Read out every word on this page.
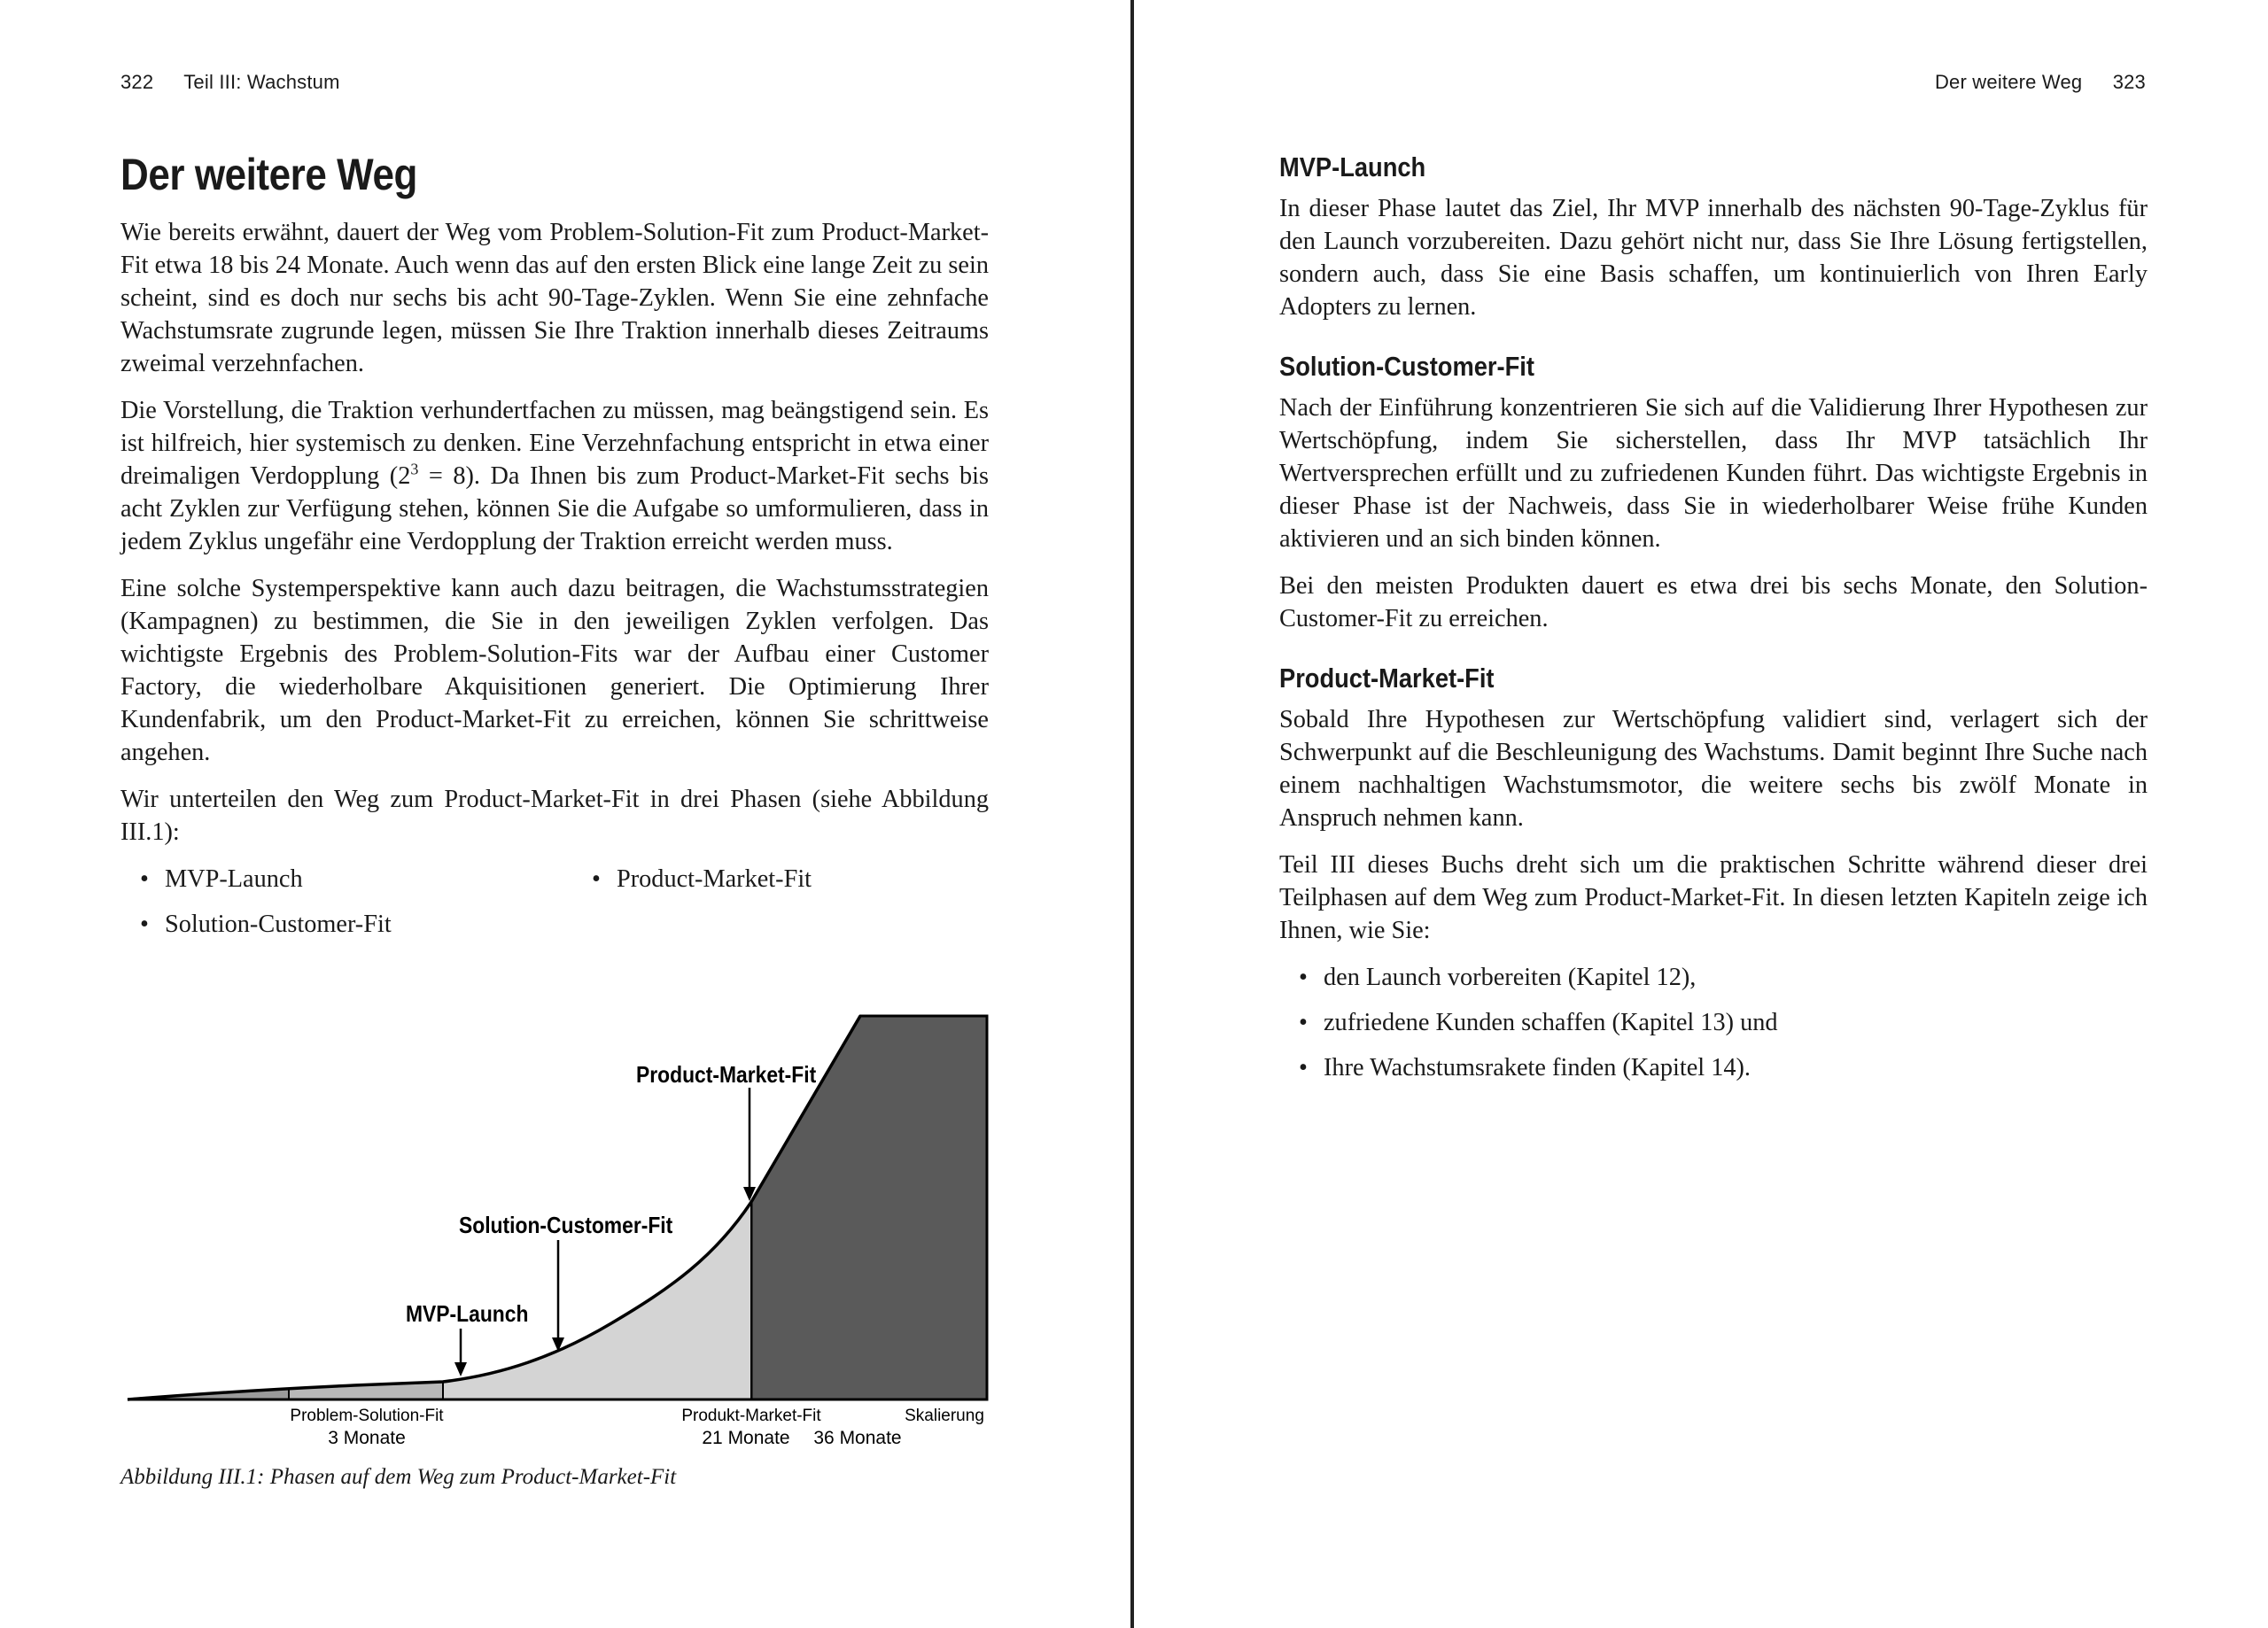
322 Teil III: Wachstum
Der weitere Weg

Wie bereits erwähnt, dauert der Weg vom Problem-Solution-Fit zum Product-Market-Fit etwa 18 bis 24 Monate. Auch wenn das auf den ersten Blick eine lange Zeit zu sein scheint, sind es doch nur sechs bis acht 90-Tage-Zyklen. Wenn Sie eine zehnfache Wachstumsrate zugrunde legen, müssen Sie Ihre Traktion innerhalb dieses Zeitraums zweimal verzehnfachen.

Die Vorstellung, die Traktion verhundertfachen zu müssen, mag beängstigend sein. Es ist hilfreich, hier systemisch zu denken. Eine Verzehnfachung entspricht in etwa einer dreimaligen Verdopplung $(2^3 = 8)$. Da Ihnen bis zum Product-Market-Fit sechs bis acht Zyklen zur Verfügung stehen, können Sie die Aufgabe so umformulieren, dass in jedem Zyklus ungefähr eine Verdopplung der Traktion erreicht werden muss.

Eine solche Systemperspektive kann auch dazu beitragen, die Wachstumsstrategien (Kampagnen) zu bestimmen, die Sie in den jeweiligen Zyklen verfolgen. Das wichtigste Ergebnis des Problem-Solution-Fits war der Aufbau einer Customer Factory, die wiederholbare Akquisitionen generiert. Die Optimierung Ihrer Kundenfabrik, um den Product-Market-Fit zu erreichen, können Sie schrittweise angehen.

Wir unterteilen den Weg zum Product-Market-Fit in drei Phasen (siehe Abbildung III.1):

• MVP-Launch
•	Product-Market-Fit
• Solution-Customer-Fit
MVP-Launch
Solution-Customer-Fit
Product-Market-Fit
Problem-Solution-Fit
3 Monate
Produkt-Market-Fit
21 Monate
Skalierung
36 Monate
Abbildung III.1: Phasen auf dem Weg zum Product-Market-Fit
Der weitere Weg 323
MVP-Launch

In dieser Phase lautet das Ziel, Ihr MVP innerhalb des nächsten 90-Tage-Zyklus für den Launch vorzubereiten. Dazu gehört nicht nur, dass Sie Ihre Lösung fertigstellen, sondern auch, dass Sie eine Basis schaffen, um kontinuierlich von Ihren Early Adopters zu lernen.

Solution-Customer-Fit

Nach der Einführung konzentrieren Sie sich auf die Validierung Ihrer Hypothesen zur Wertschöpfung, indem Sie sicherstellen, dass Ihr MVP tatsächlich Ihr Wertversprechen erfüllt und zu zufriedenen Kunden führt. Das wichtigste Ergebnis in dieser Phase ist der Nachweis, dass Sie in wiederholbarer Weise frühe Kunden aktivieren und an sich binden können.

Bei den meisten Produkten dauert es etwa drei bis sechs Monate, den Solution-Customer-Fit zu erreichen.

Product-Market-Fit

Sobald Ihre Hypothesen zur Wertschöpfung validiert sind, verlagert sich der Schwerpunkt auf die Beschleunigung des Wachstums. Damit beginnt Ihre Suche nach einem nachhaltigen Wachstumsmotor, die weitere sechs bis zwölf Monate in Anspruch nehmen kann.

Teil III dieses Buchs dreht sich um die praktischen Schritte während dieser drei Teilphasen auf dem Weg zum Product-Market-Fit. In diesen letzten Kapiteln zeige ich Ihnen, wie Sie:

• den Launch vorbereiten (Kapitel 12),
• zufriedene Kunden schaffen (Kapitel 13) und
• Ihre Wachstumsrakete finden (Kapitel 14).
